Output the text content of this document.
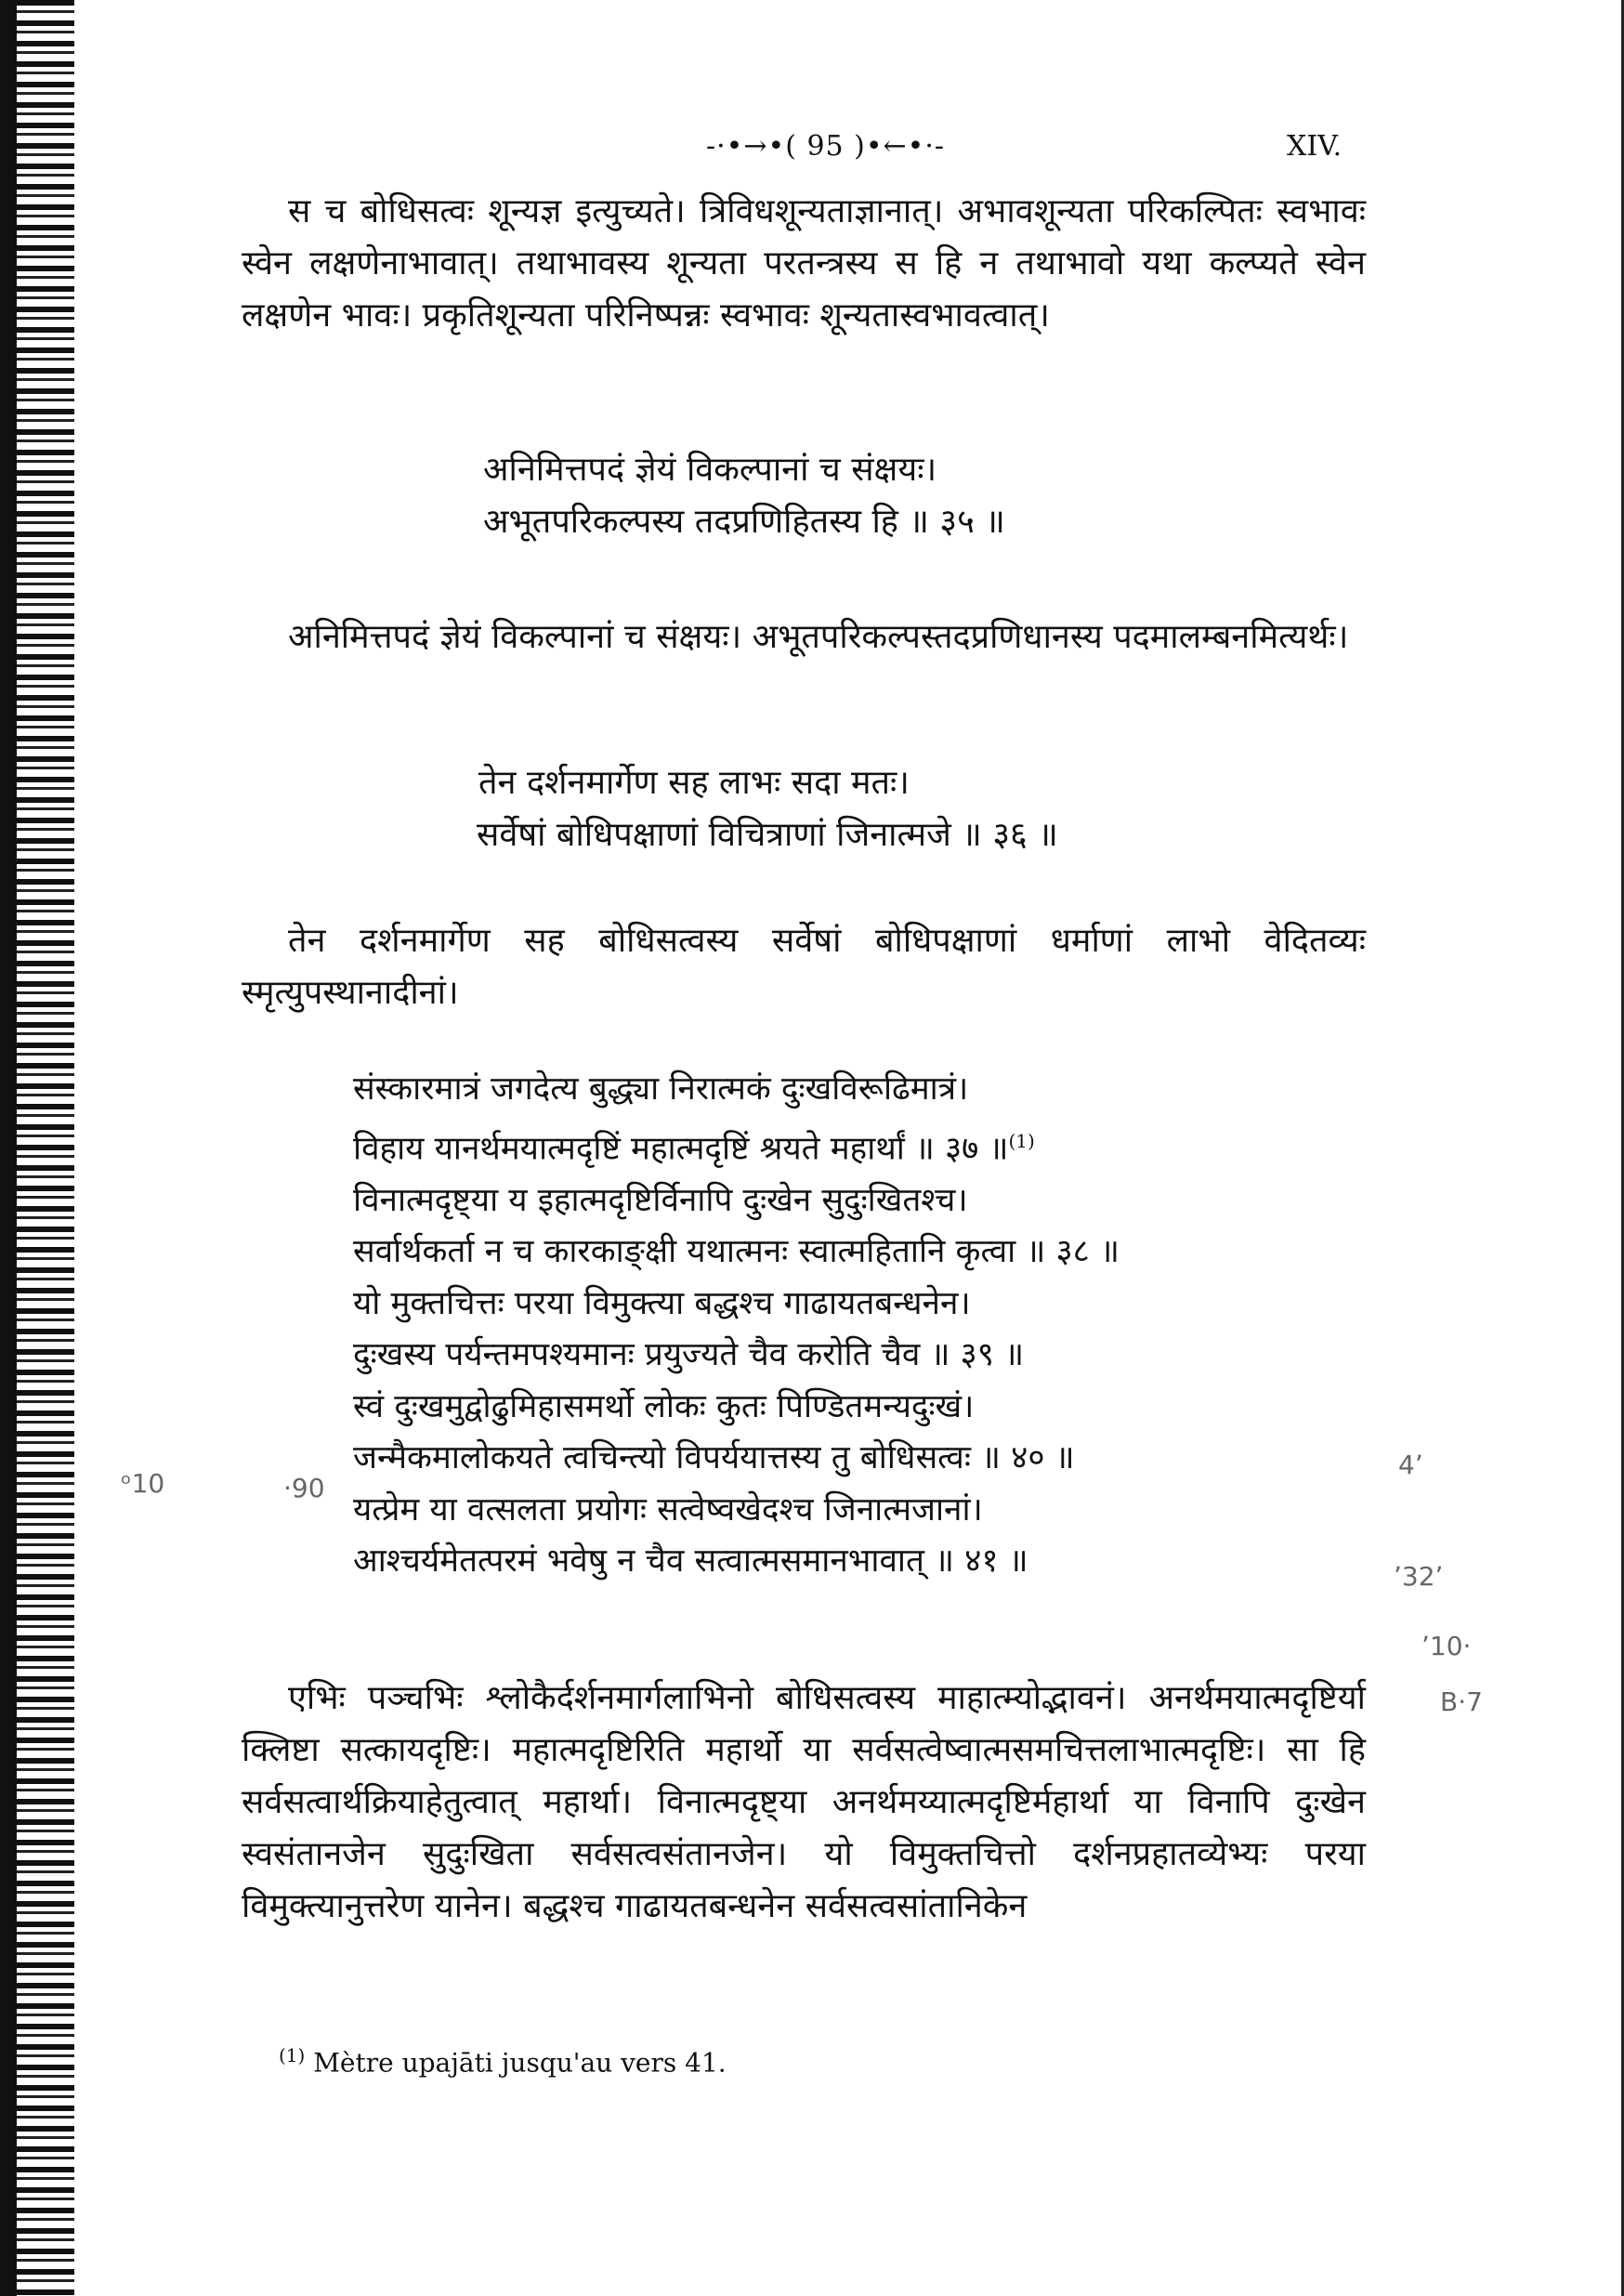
-·•→•( 95 )•←•·-	XIV.
स च बोधिसत्वः शून्यज्ञ इत्युच्यते। त्रिविधशून्यताज्ञानात्। अभावशून्यता परिकल्पितः स्वभावः स्वेन लक्षणेनाभावात्। तथाभावस्य शून्यता परतन्त्रस्य स हि न तथाभावो यथा कल्प्यते स्वेन लक्षणेन भावः। प्रकृतिशून्यता परिनिष्पन्नः स्वभावः शून्यतास्वभावत्वात्।
अनिमित्तपदं ज्ञेयं विकल्पानां च संक्षयः।
अभूतपरिकल्पस्य तदप्रणिहितस्य हि ॥ ३५ ॥
अनिमित्तपदं ज्ञेयं विकल्पानां च संक्षयः। अभूतपरिकल्पस्तदप्रणिधानस्य पदमालम्बनमित्यर्थः।
तेन दर्शनमार्गेण सह लाभः सदा मतः।
सर्वेषां बोधिपक्षाणां विचित्राणां जिनात्मजे ॥ ३६ ॥
तेन दर्शनमार्गेण सह बोधिसत्वस्य सर्वेषां बोधिपक्षाणां धर्माणां लाभो वेदितव्यः स्मृत्युपस्थानादीनां।
संस्कारमात्रं जगदेत्य बुद्ध्या निरात्मकं दुःखविरूढिमात्रं।
विहाय यानर्थमयात्मदृष्टिं महात्मदृष्टिं श्रयते महार्थां ॥ ३७ ॥$^{(1)}$
विनात्मदृष्ट्या य इहात्मदृष्टिर्विनापि दुःखेन सुदुःखितश्च।
सर्वार्थकर्ता न च कारकाङ्क्षी यथात्मनः स्वात्महितानि कृत्वा ॥ ३८ ॥
यो मुक्तचित्तः परया विमुक्त्या बद्धश्च गाढायतबन्धनेन।
दुःखस्य पर्यन्तमपश्यमानः प्रयुज्यते चैव करोति चैव ॥ ३९ ॥
स्वं दुःखमुद्वोढुमिहासमर्थो लोकः कुतः पिण्डितमन्यदुःखं।
जन्मैकमालोकयते त्वचिन्त्यो विपर्ययात्तस्य तु बोधिसत्वः ॥ ४० ॥
यत्प्रेम या वत्सलता प्रयोगः सत्वेष्वखेदश्च जिनात्मजानां।
आश्चर्यमेतत्परमं भवेषु न चैव सत्वात्मसमानभावात् ॥ ४१ ॥
एभिः पञ्चभिः श्लोकैर्दर्शनमार्गलाभिनो बोधिसत्वस्य माहात्म्योद्भावनं। अनर्थमयात्मदृष्टिर्या क्लिष्टा सत्कायदृष्टिः। महात्मदृष्टिरिति महार्थो या सर्वसत्वेष्वात्मसमचित्तलाभात्मदृष्टिः। सा हि सर्वसत्वार्थक्रियाहेतुत्वात् महार्था। विनात्मदृष्ट्या अनर्थमय्यात्मदृष्टिर्महार्था या विनापि दुःखेन स्वसंतानजेन सुदुःखिता सर्वसत्वसंतानजेन। यो विमुक्तचित्तो दर्शनप्रहातव्येभ्यः परया विमुक्त्यानुत्तरेण यानेन। बद्धश्च गाढायतबन्धनेन सर्वसत्वसांतानिकेन
$^{(1)}$ Mètre upajāti jusqu'au vers 41.
ᵒ10	·90
4ʼ
ʼ32ʼ
ʼ10·
B·7
